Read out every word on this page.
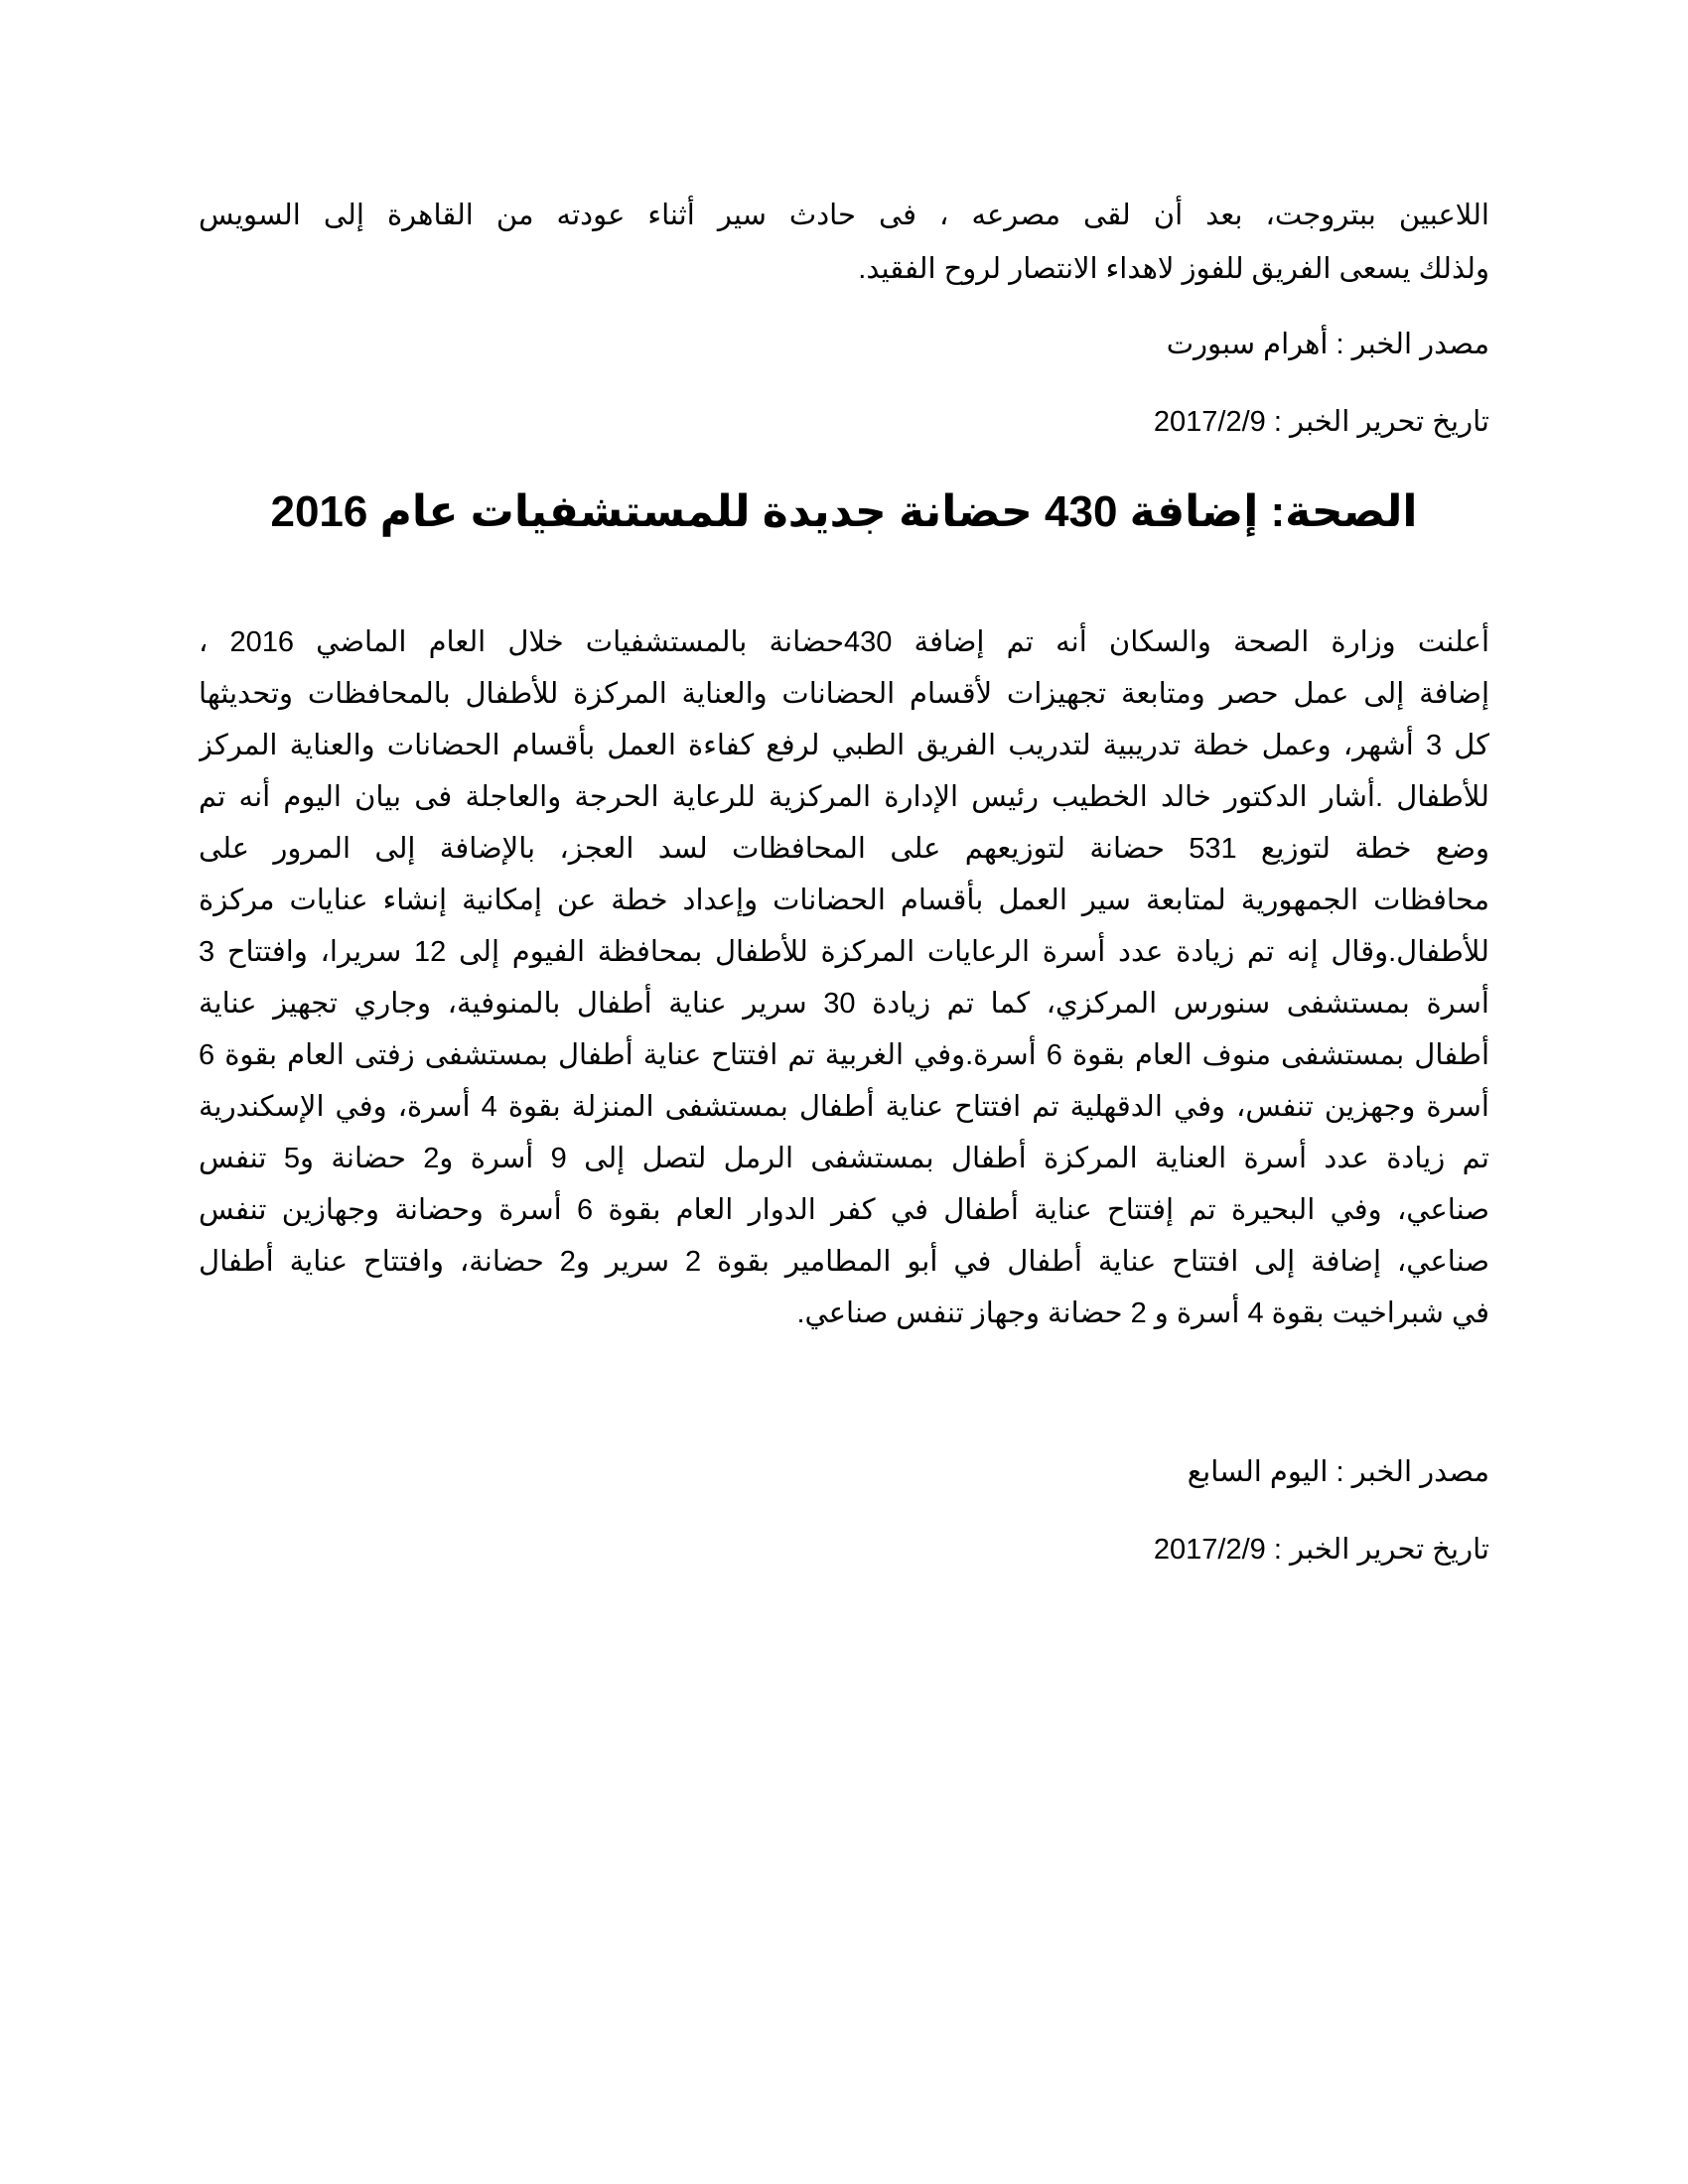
اللاعبين ببتروجت، بعد أن لقى مصرعه ، فى حادث سير أثناء عودته من القاهرة إلى السويس
ولذلك يسعى الفريق للفوز لاهداء الانتصار لروح الفقيد.
مصدر الخبر : أهرام سبورت
تاريخ تحرير الخبر : 2017/2/9
الصحة: إضافة 430 حضانة جديدة للمستشفيات عام 2016
أعلنت وزارة الصحة والسكان أنه تم إضافة 430حضانة بالمستشفيات خلال العام الماضي 2016 ،
إضافة إلى عمل حصر ومتابعة تجهيزات لأقسام الحضانات والعناية المركزة للأطفال بالمحافظات وتحديثها
كل 3 أشهر، وعمل خطة تدريبية لتدريب الفريق الطبي لرفع كفاءة العمل بأقسام الحضانات والعناية المركز
للأطفال .أشار الدكتور خالد الخطيب رئيس الإدارة المركزية للرعاية الحرجة والعاجلة فى بيان اليوم أنه تم
وضع خطة لتوزيع 531 حضانة لتوزيعهم على المحافظات لسد العجز، بالإضافة إلى المرور على
محافظات الجمهورية لمتابعة سير العمل بأقسام الحضانات وإعداد خطة عن إمكانية إنشاء عنايات مركزة
للأطفال.وقال إنه تم زيادة عدد أسرة الرعايات المركزة للأطفال بمحافظة الفيوم إلى 12 سريرا، وافتتاح 3
أسرة بمستشفى سنورس المركزي، كما تم زيادة 30 سرير عناية أطفال بالمنوفية، وجاري تجهيز عناية
أطفال بمستشفى منوف العام بقوة 6 أسرة.وفي الغربية تم افتتاح عناية أطفال بمستشفى زفتى العام بقوة 6
أسرة وجهزين تنفس، وفي الدقهلية تم افتتاح عناية أطفال بمستشفى المنزلة بقوة 4 أسرة، وفي الإسكندرية
تم زيادة عدد أسرة العناية المركزة أطفال بمستشفى الرمل لتصل إلى 9 أسرة و2 حضانة و5 تنفس
صناعي، وفي البحيرة تم إفتتاح عناية أطفال في كفر الدوار العام بقوة 6 أسرة وحضانة وجهازين تنفس
صناعي، إضافة إلى افتتاح عناية أطفال في أبو المطامير بقوة 2 سرير و2 حضانة، وافتتاح عناية أطفال
في شبراخيت بقوة 4 أسرة و 2 حضانة وجهاز تنفس صناعي.
مصدر الخبر : اليوم السابع
تاريخ تحرير الخبر : 2017/2/9
